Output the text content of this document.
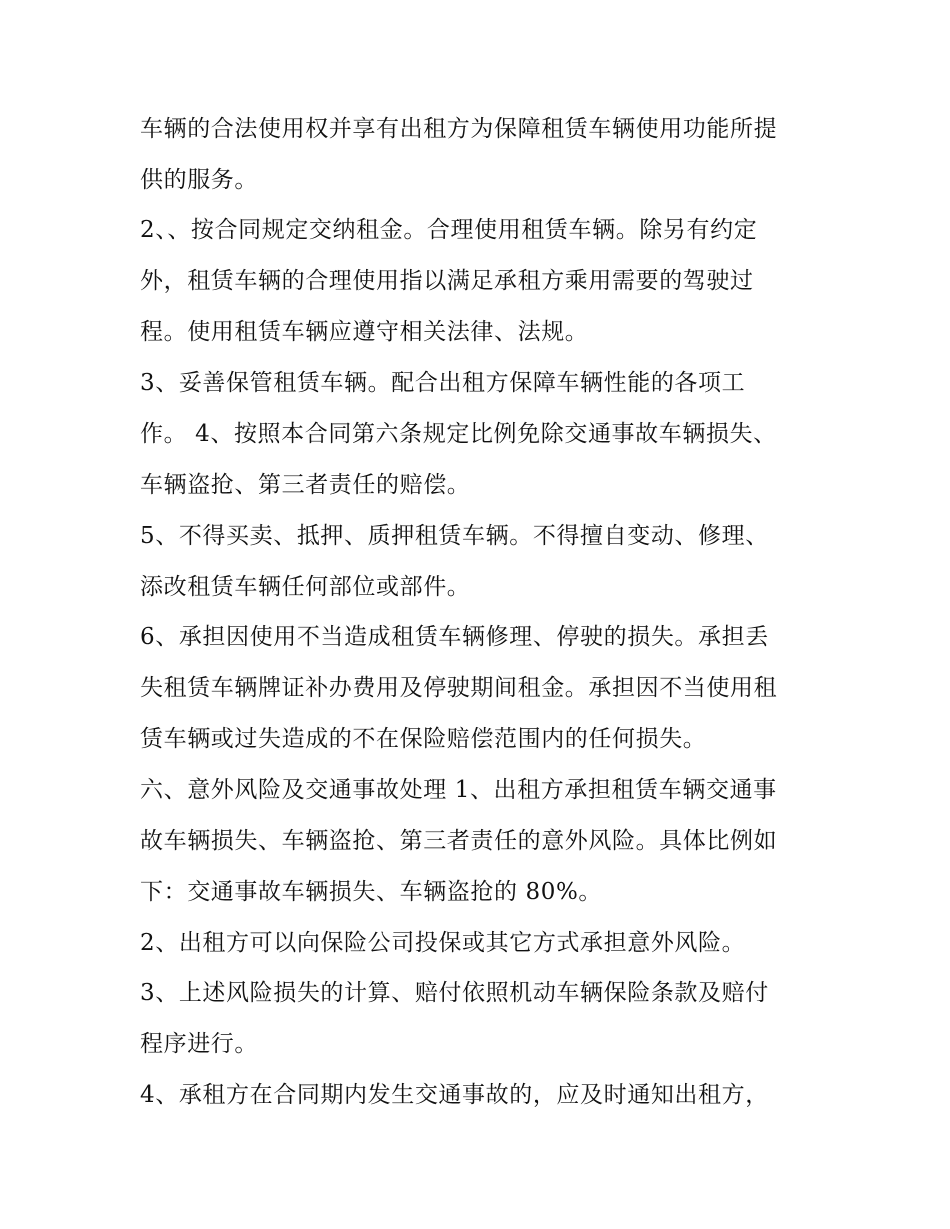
车辆的合法使用权并享有出租方为保障租赁车辆使用功能所提
供的服务。
2、、按合同规定交纳租金。合理使用租赁车辆。除另有约定
外，租赁车辆的合理使用指以满足承租方乘用需要的驾驶过
程。使用租赁车辆应遵守相关法律、法规。
3、妥善保管租赁车辆。配合出租方保障车辆性能的各项工
作。 4、按照本合同第六条规定比例免除交通事故车辆损失、
车辆盗抢、第三者责任的赔偿。
5、不得买卖、抵押、质押租赁车辆。不得擅自变动、修理、
添改租赁车辆任何部位或部件。
6、承担因使用不当造成租赁车辆修理、停驶的损失。承担丢
失租赁车辆牌证补办费用及停驶期间租金。承担因不当使用租
赁车辆或过失造成的不在保险赔偿范围内的任何损失。
六、意外风险及交通事故处理 1、出租方承担租赁车辆交通事
故车辆损失、车辆盗抢、第三者责任的意外风险。具体比例如
下：交通事故车辆损失、车辆盗抢的 80%。
2、出租方可以向保险公司投保或其它方式承担意外风险。
3、上述风险损失的计算、赔付依照机动车辆保险条款及赔付
程序进行。
4、承租方在合同期内发生交通事故的，应及时通知出租方，
